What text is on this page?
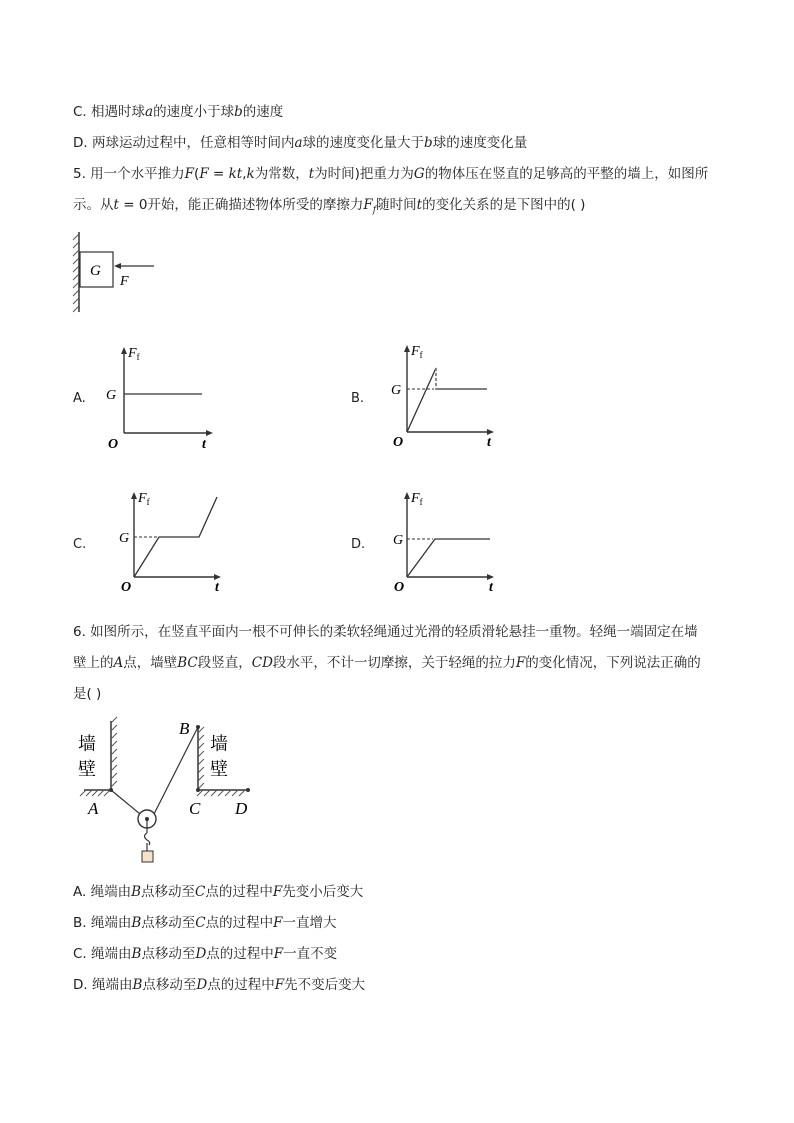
C. 相遇时球a的速度小于球b的速度
D. 两球运动过程中，任意相等时间内a球的速度变化量大于b球的速度变化量
5. 用一个水平推力F(F = kt,k为常数，t为时间)把重力为G的物体压在竖直的足够高的平整的墙上，如图所
示。从t = 0开始，能正确描述物体所受的摩擦力$F_f$随时间t的变化关系的是下图中的( )
G
F
A.
$F_f$
G
O	t
B.
$F_f$
G
O	t
C.
$F_f$
G
O	t
D.
$F_f$
G
O	t
6. 如图所示，在竖直平面内一根不可伸长的柔软轻绳通过光滑的轻质滑轮悬挂一重物。轻绳一端固定在墙
壁上的A点，墙壁BC段竖直，CD段水平，不计一切摩擦，关于轻绳的拉力F的变化情况，下列说法正确的
是( )
墙
壁
墙
壁
A
B
C D
A. 绳端由B点移动至C点的过程中F先变小后变大
B. 绳端由B点移动至C点的过程中F一直增大
C. 绳端由B点移动至D点的过程中F一直不变
D. 绳端由B点移动至D点的过程中F先不变后变大
